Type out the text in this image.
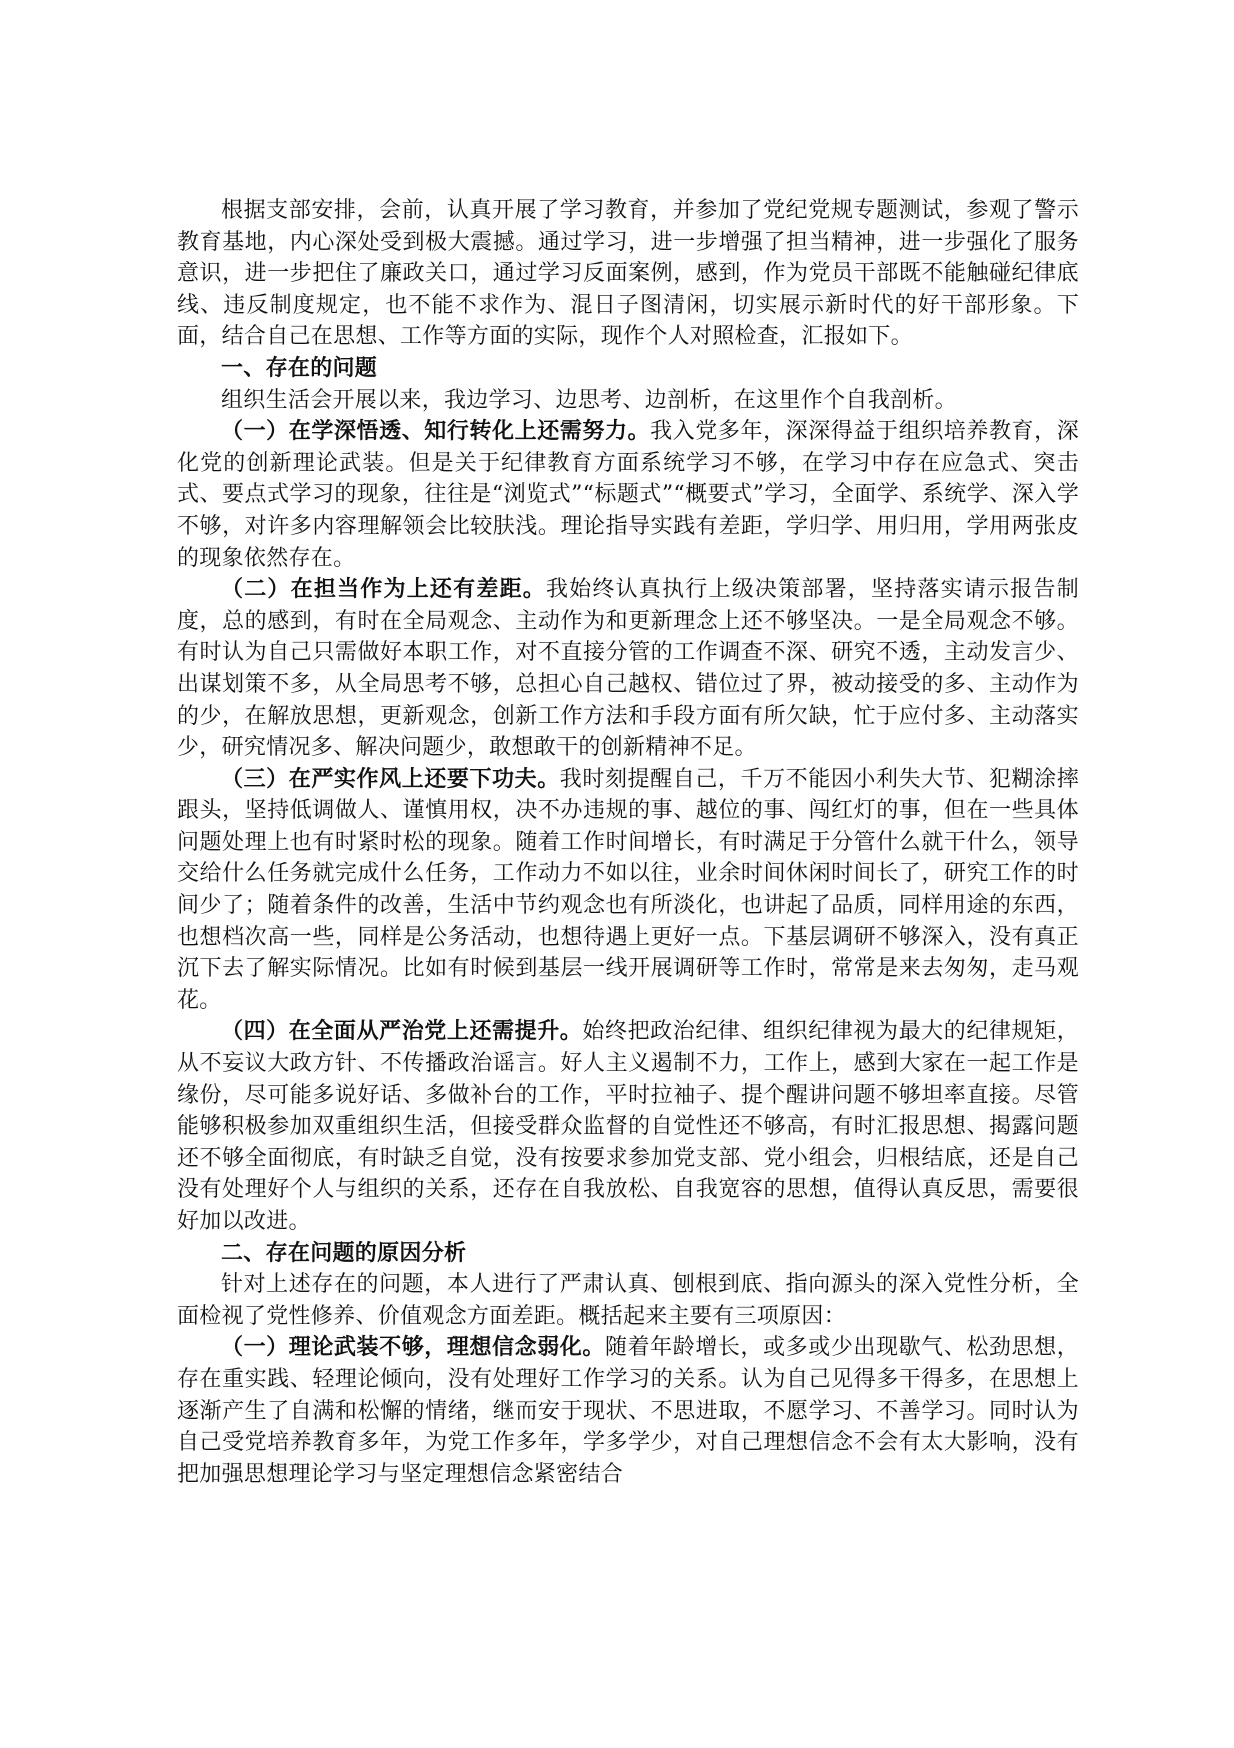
根据支部安排，会前，认真开展了学习教育，并参加了党纪党规专题测试，参观了警示教育基地，内心深处受到极大震撼。通过学习，进一步增强了担当精神，进一步强化了服务意识，进一步把住了廉政关口，通过学习反面案例，感到，作为党员干部既不能触碰纪律底线、违反制度规定，也不能不求作为、混日子图清闲，切实展示新时代的好干部形象。下面，结合自己在思想、工作等方面的实际，现作个人对照检查，汇报如下。

一、存在的问题

组织生活会开展以来，我边学习、边思考、边剖析，在这里作个自我剖析。

（一）在学深悟透、知行转化上还需努力。我入党多年，深深得益于组织培养教育，深化党的创新理论武装。但是关于纪律教育方面系统学习不够，在学习中存在应急式、突击式、要点式学习的现象，往往是“浏览式”“标题式”“概要式”学习，全面学、系统学、深入学不够，对许多内容理解领会比较肤浅。理论指导实践有差距，学归学、用归用，学用两张皮的现象依然存在。

（二）在担当作为上还有差距。我始终认真执行上级决策部署，坚持落实请示报告制度，总的感到，有时在全局观念、主动作为和更新理念上还不够坚决。一是全局观念不够。有时认为自己只需做好本职工作，对不直接分管的工作调查不深、研究不透，主动发言少、出谋划策不多，从全局思考不够，总担心自己越权、错位过了界，被动接受的多、主动作为的少，在解放思想，更新观念，创新工作方法和手段方面有所欠缺，忙于应付多、主动落实少，研究情况多、解决问题少，敢想敢干的创新精神不足。

（三）在严实作风上还要下功夫。我时刻提醒自己，千万不能因小利失大节、犯糊涂摔跟头，坚持低调做人、谨慎用权，决不办违规的事、越位的事、闯红灯的事，但在一些具体问题处理上也有时紧时松的现象。随着工作时间增长，有时满足于分管什么就干什么，领导交给什么任务就完成什么任务，工作动力不如以往，业余时间休闲时间长了，研究工作的时间少了；随着条件的改善，生活中节约观念也有所淡化，也讲起了品质，同样用途的东西，也想档次高一些，同样是公务活动，也想待遇上更好一点。下基层调研不够深入，没有真正沉下去了解实际情况。比如有时候到基层一线开展调研等工作时，常常是来去匆匆，走马观花。

（四）在全面从严治党上还需提升。始终把政治纪律、组织纪律视为最大的纪律规矩，从不妄议大政方针、不传播政治谣言。好人主义遏制不力，工作上，感到大家在一起工作是缘份，尽可能多说好话、多做补台的工作，平时拉袖子、提个醒讲问题不够坦率直接。尽管能够积极参加双重组织生活，但接受群众监督的自觉性还不够高，有时汇报思想、揭露问题还不够全面彻底，有时缺乏自觉，没有按要求参加党支部、党小组会，归根结底，还是自己没有处理好个人与组织的关系，还存在自我放松、自我宽容的思想，值得认真反思，需要很好加以改进。

二、存在问题的原因分析

针对上述存在的问题，本人进行了严肃认真、刨根到底、指向源头的深入党性分析，全面检视了党性修养、价值观念方面差距。概括起来主要有三项原因：

（一）理论武装不够，理想信念弱化。随着年龄增长，或多或少出现歇气、松劲思想，存在重实践、轻理论倾向，没有处理好工作学习的关系。认为自己见得多干得多，在思想上逐渐产生了自满和松懈的情绪，继而安于现状、不思进取，不愿学习、不善学习。同时认为自己受党培养教育多年，为党工作多年，学多学少，对自己理想信念不会有太大影响，没有把加强思想理论学习与坚定理想信念紧密结合
